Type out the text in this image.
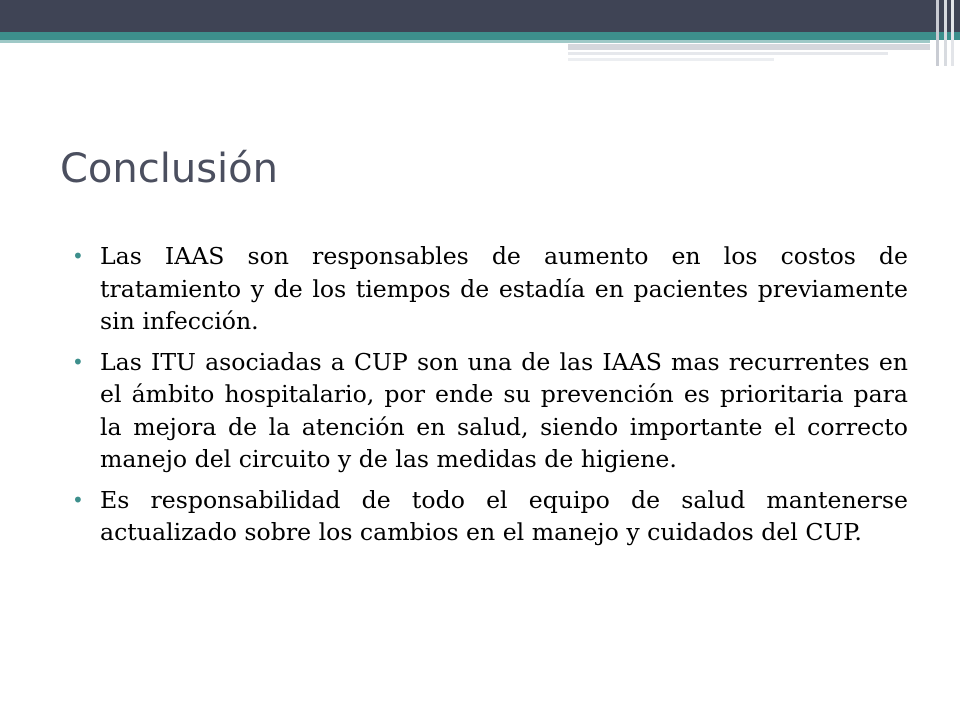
Conclusión
• Las IAAS son responsables de aumento en los costos de tratamiento y de los tiempos de estadía en pacientes previamente sin infección.
• Las ITU asociadas a CUP son una de las IAAS mas recurrentes en el ámbito hospitalario, por ende su prevención es prioritaria para la mejora de la atención en salud, siendo importante el correcto manejo del circuito y de las medidas de higiene.
• Es responsabilidad de todo el equipo de salud mantenerse actualizado sobre los cambios en el manejo y cuidados del CUP.
